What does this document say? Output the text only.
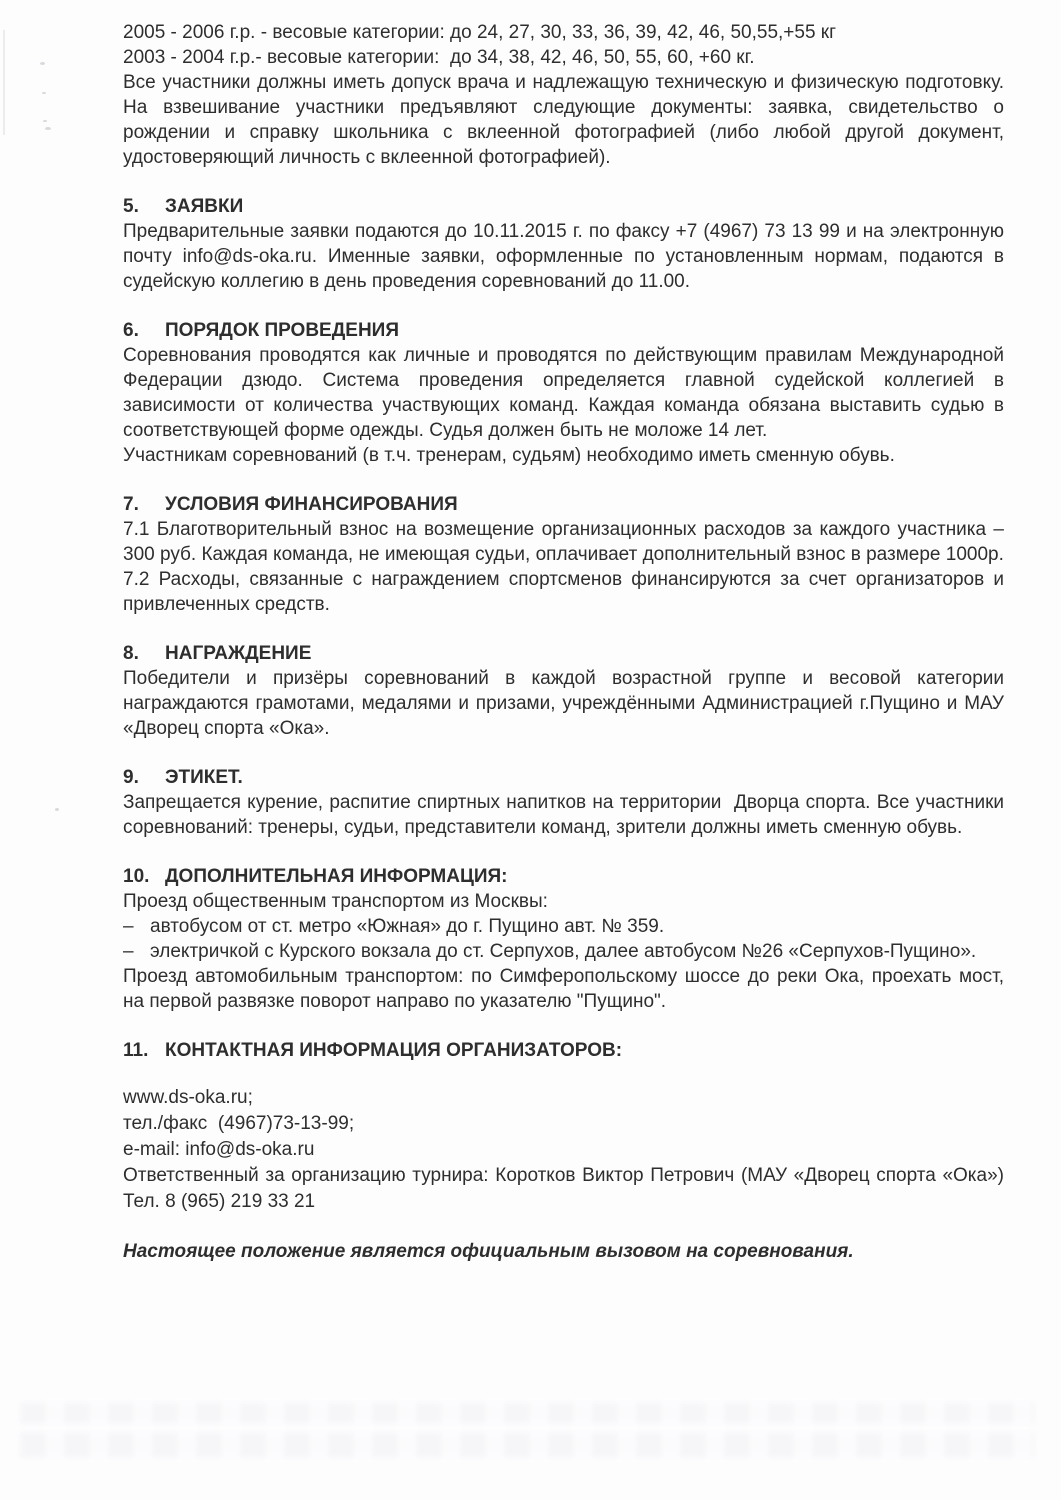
2005 - 2006 г.р. - весовые категории: до 24, 27, 30, 33, 36, 39, 42, 46, 50,55,+55 кг
2003 - 2004 г.р.- весовые категории:  до 34, 38, 42, 46, 50, 55, 60, +60 кг.

Все участники должны иметь допуск врача и надлежащую техническую и физическую подготовку. На взвешивание участники предъявляют следующие документы: заявка, свидетельство о рождении и справку школьника с вклеенной фотографией (либо любой другой документ, удостоверяющий личность с вклеенной фотографией).

5. ЗАЯВКИ

Предварительные заявки подаются до 10.11.2015 г. по факсу +7 (4967) 73 13 99 и на электронную почту info@ds-oka.ru. Именные заявки, оформленные по установленным нормам, подаются в судейскую коллегию в день проведения соревнований до 11.00.

6. ПОРЯДОК ПРОВЕДЕНИЯ

Соревнования проводятся как личные и проводятся по действующим правилам Международной Федерации дзюдо. Система проведения определяется главной судейской коллегией в зависимости от количества участвующих команд. Каждая команда обязана выставить судью в соответствующей форме одежды. Судья должен быть не моложе 14 лет.

Участникам соревнований (в т.ч. тренерам, судьям) необходимо иметь сменную обувь.

7. УСЛОВИЯ ФИНАНСИРОВАНИЯ

7.1 Благотворительный взнос на возмещение организационных расходов за каждого участника – 300 руб. Каждая команда, не имеющая судьи, оплачивает дополнительный взнос в размере 1000р.

7.2 Расходы, связанные с награждением спортсменов финансируются за счет организаторов и привлеченных средств.

8. НАГРАЖДЕНИЕ

Победители и призёры соревнований в каждой возрастной группе и весовой категории награждаются грамотами, медалями и призами, учреждёнными Администрацией г.Пущино и МАУ «Дворец спорта «Ока».

9. ЭТИКЕТ.

Запрещается курение, распитие спиртных напитков на территории  Дворца спорта. Все участники соревнований: тренеры, судьи, представители команд, зрители должны иметь сменную обувь.

10. ДОПОЛНИТЕЛЬНАЯ ИНФОРМАЦИЯ:

Проезд общественным транспортом из Москвы:

– автобусом от ст. метро «Южная» до г. Пущино авт. № 359.

– электричкой с Курского вокзала до ст. Серпухов, далее автобусом №26 «Серпухов-Пущино».

Проезд автомобильным транспортом: по Симферопольскому шоссе до реки Ока, проехать мост, на первой развязке поворот направо по указателю "Пущино".

11. КОНТАКТНАЯ ИНФОРМАЦИЯ ОРГАНИЗАТОРОВ:
www.ds-oka.ru;
тел./факс  (4967)73-13-99;
e-mail: info@ds-oka.ru
Ответственный за организацию турнира: Коротков Виктор Петрович (МАУ «Дворец спорта «Ока») Тел. 8 (965) 219 33 21
Настоящее положение является официальным вызовом на соревнования.
